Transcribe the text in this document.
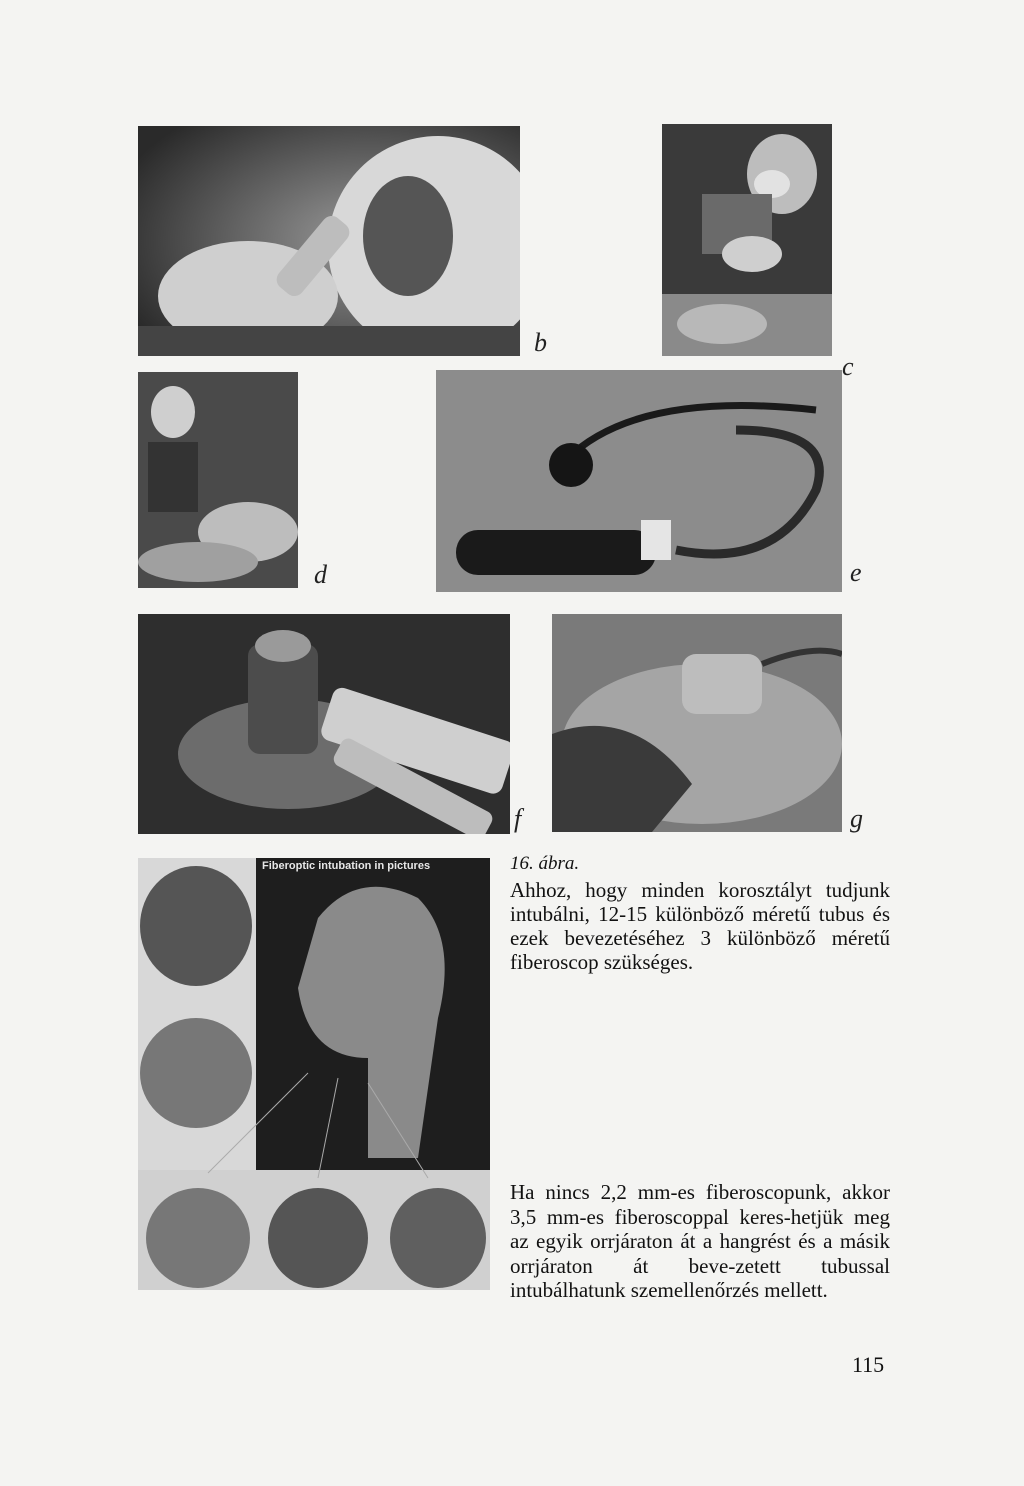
b
c
d	e
f	g
Fiberoptic intubation in pictures	16. ábra.
Ahhoz, hogy minden korosztályt tudjunk intubálni, 12-15 különböző méretű tubus és ezek bevezetéséhez 3 különböző méretű fiberoscop szükséges.
Ha nincs 2,2 mm-es fiberoscopunk, akkor 3,5 mm-es fiberoscoppal keres-hetjük meg az egyik orrjáraton át a hangrést és a másik orrjáraton át beve-zetett tubussal intubálhatunk szemellenőrzés mellett.
115
